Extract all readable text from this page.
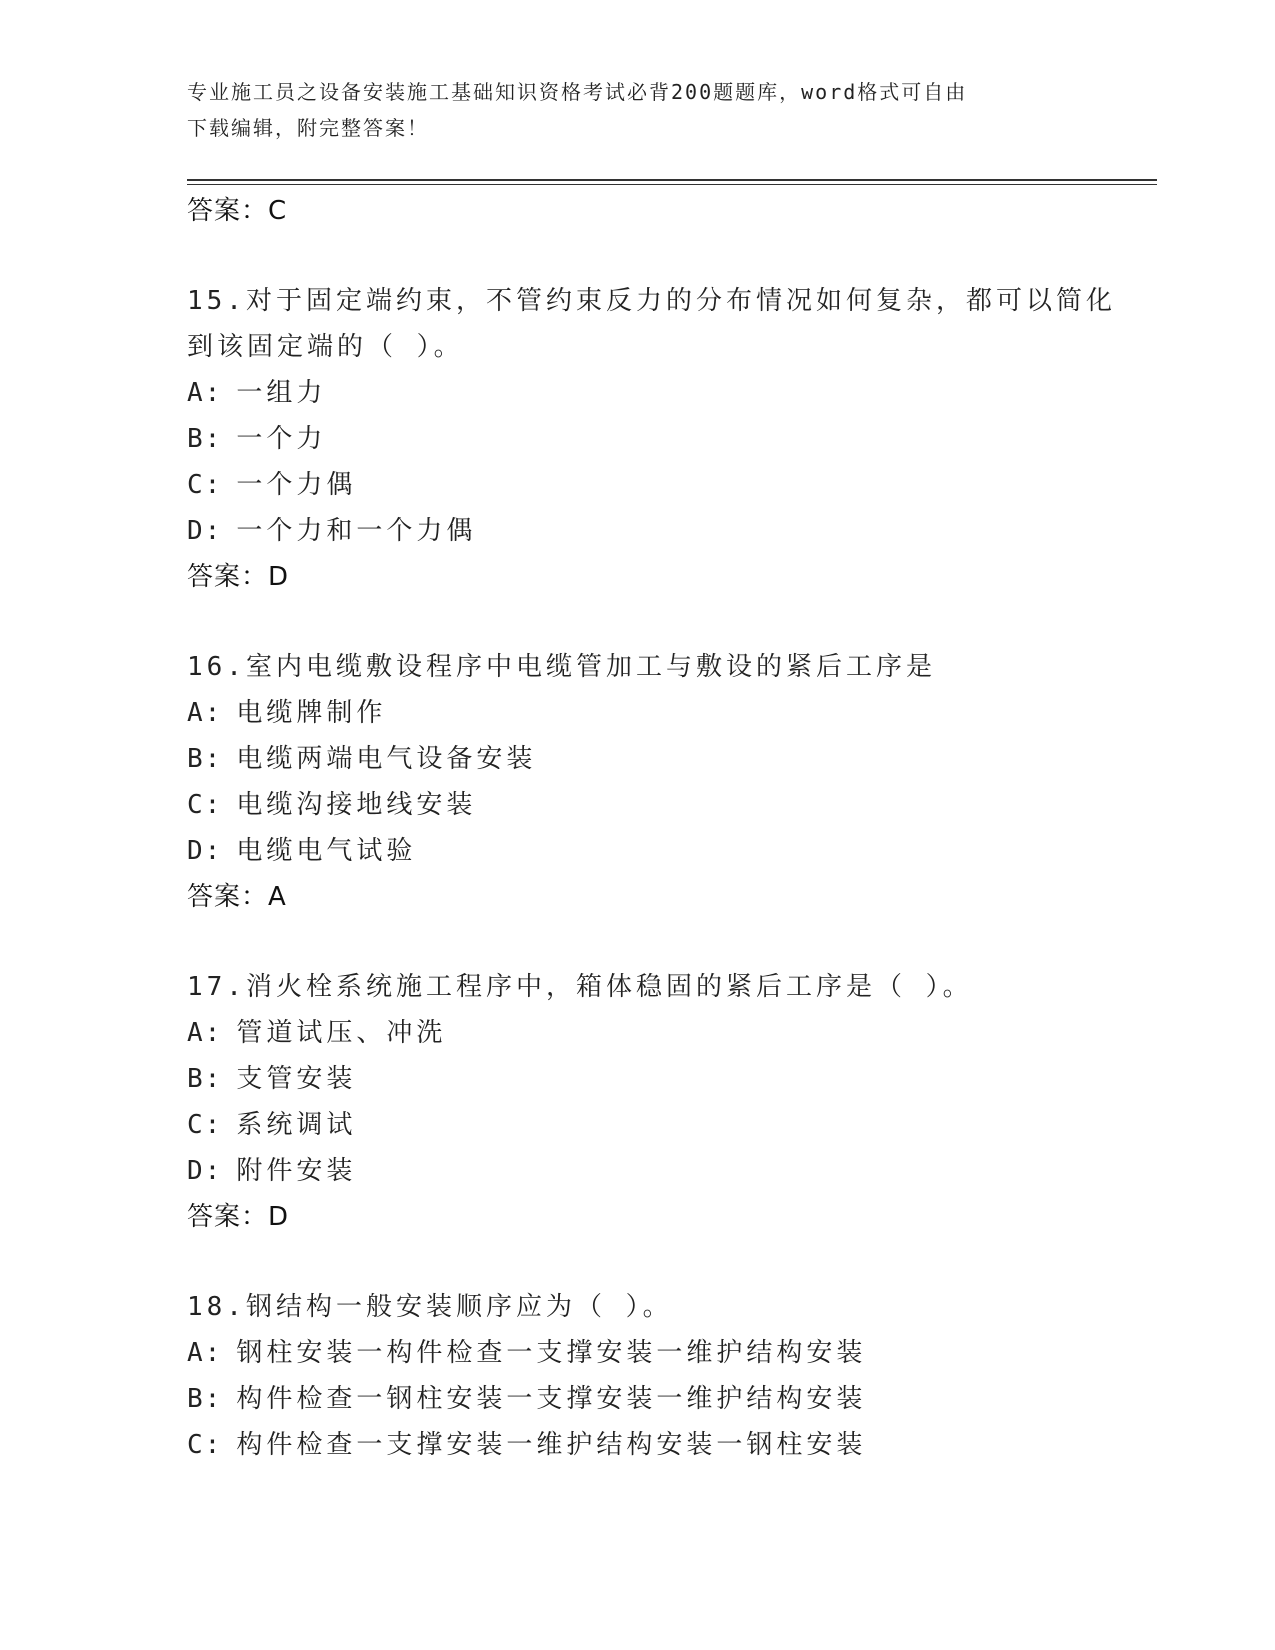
专业施工员之设备安装施工基础知识资格考试必背200题题库，word格式可自由
下载编辑，附完整答案！
答案：C
15.对于固定端约束，不管约束反力的分布情况如何复杂，都可以简化
到该固定端的（ ）。
A: 一组力
B: 一个力
C: 一个力偶
D: 一个力和一个力偶
答案：D
16.室内电缆敷设程序中电缆管加工与敷设的紧后工序是
A: 电缆牌制作
B: 电缆两端电气设备安装
C: 电缆沟接地线安装
D: 电缆电气试验
答案：A
17.消火栓系统施工程序中，箱体稳固的紧后工序是（ ）。
A: 管道试压、冲洗
B: 支管安装
C: 系统调试
D: 附件安装
答案：D
18.钢结构一般安装顺序应为（ ）。
A: 钢柱安装一构件检查一支撑安装一维护结构安装
B: 构件检查一钢柱安装一支撑安装一维护结构安装
C: 构件检查一支撑安装一维护结构安装一钢柱安装
